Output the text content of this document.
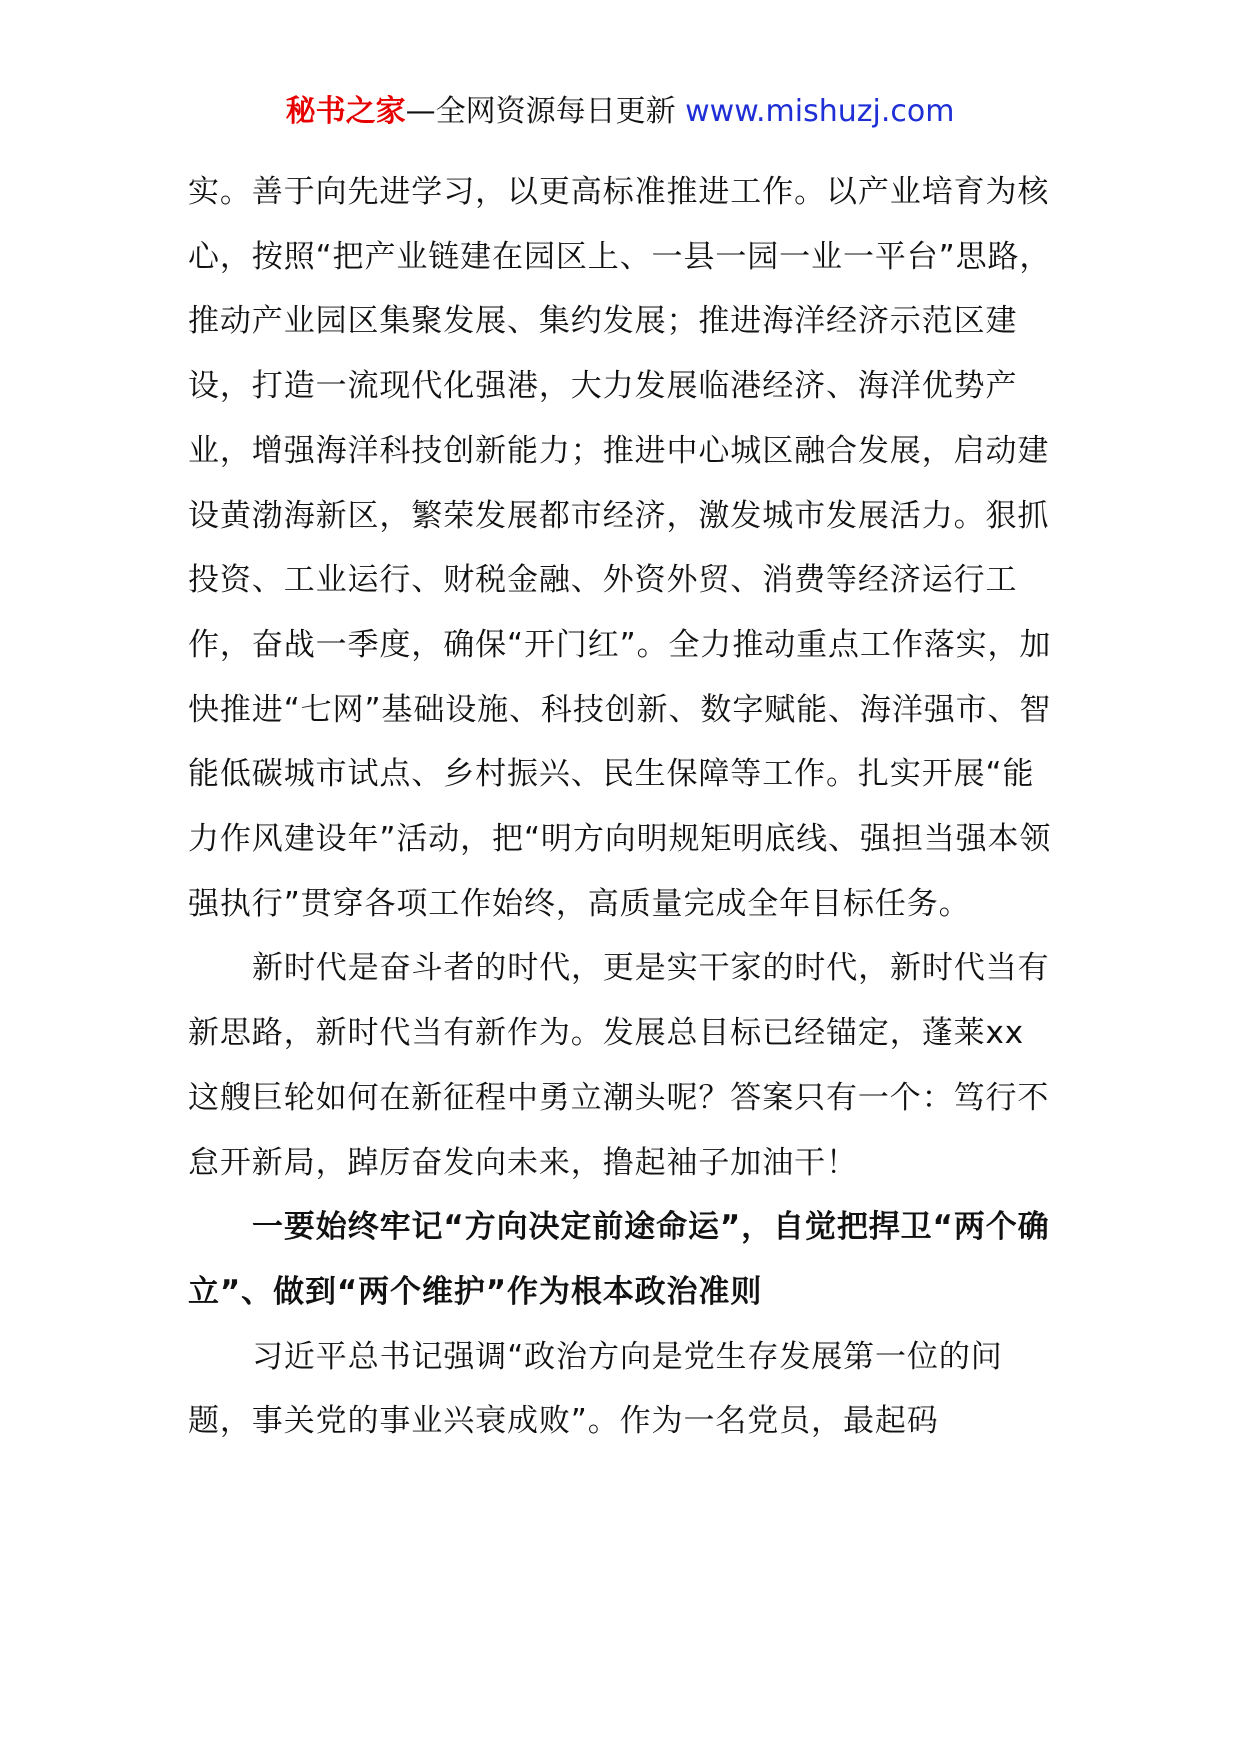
秘书之家—全网资源每日更新 www.mishuzj.com

实。善于向先进学习，以更高标准推进工作。以产业培育为核心，按照“把产业链建在园区上、一县一园一业一平台”思路，推动产业园区集聚发展、集约发展；推进海洋经济示范区建设，打造一流现代化强港，大力发展临港经济、海洋优势产业，增强海洋科技创新能力；推进中心城区融合发展，启动建设黄渤海新区，繁荣发展都市经济，激发城市发展活力。狠抓投资、工业运行、财税金融、外资外贸、消费等经济运行工作，奋战一季度，确保“开门红”。全力推动重点工作落实，加快推进“七网”基础设施、科技创新、数字赋能、海洋强市、智能低碳城市试点、乡村振兴、民生保障等工作。扎实开展“能力作风建设年”活动，把“明方向明规矩明底线、强担当强本领强执行”贯穿各项工作始终，高质量完成全年目标任务。

新时代是奋斗者的时代，更是实干家的时代，新时代当有新思路，新时代当有新作为。发展总目标已经锚定，蓬莱xx这艘巨轮如何在新征程中勇立潮头呢？答案只有一个：笃行不怠开新局，踔厉奋发向未来，撸起袖子加油干！

一要始终牢记“方向决定前途命运”，自觉把捍卫“两个确立”、做到“两个维护”作为根本政治准则

习近平总书记强调“政治方向是党生存发展第一位的问题，事关党的事业兴衰成败”。作为一名党员，最起码
